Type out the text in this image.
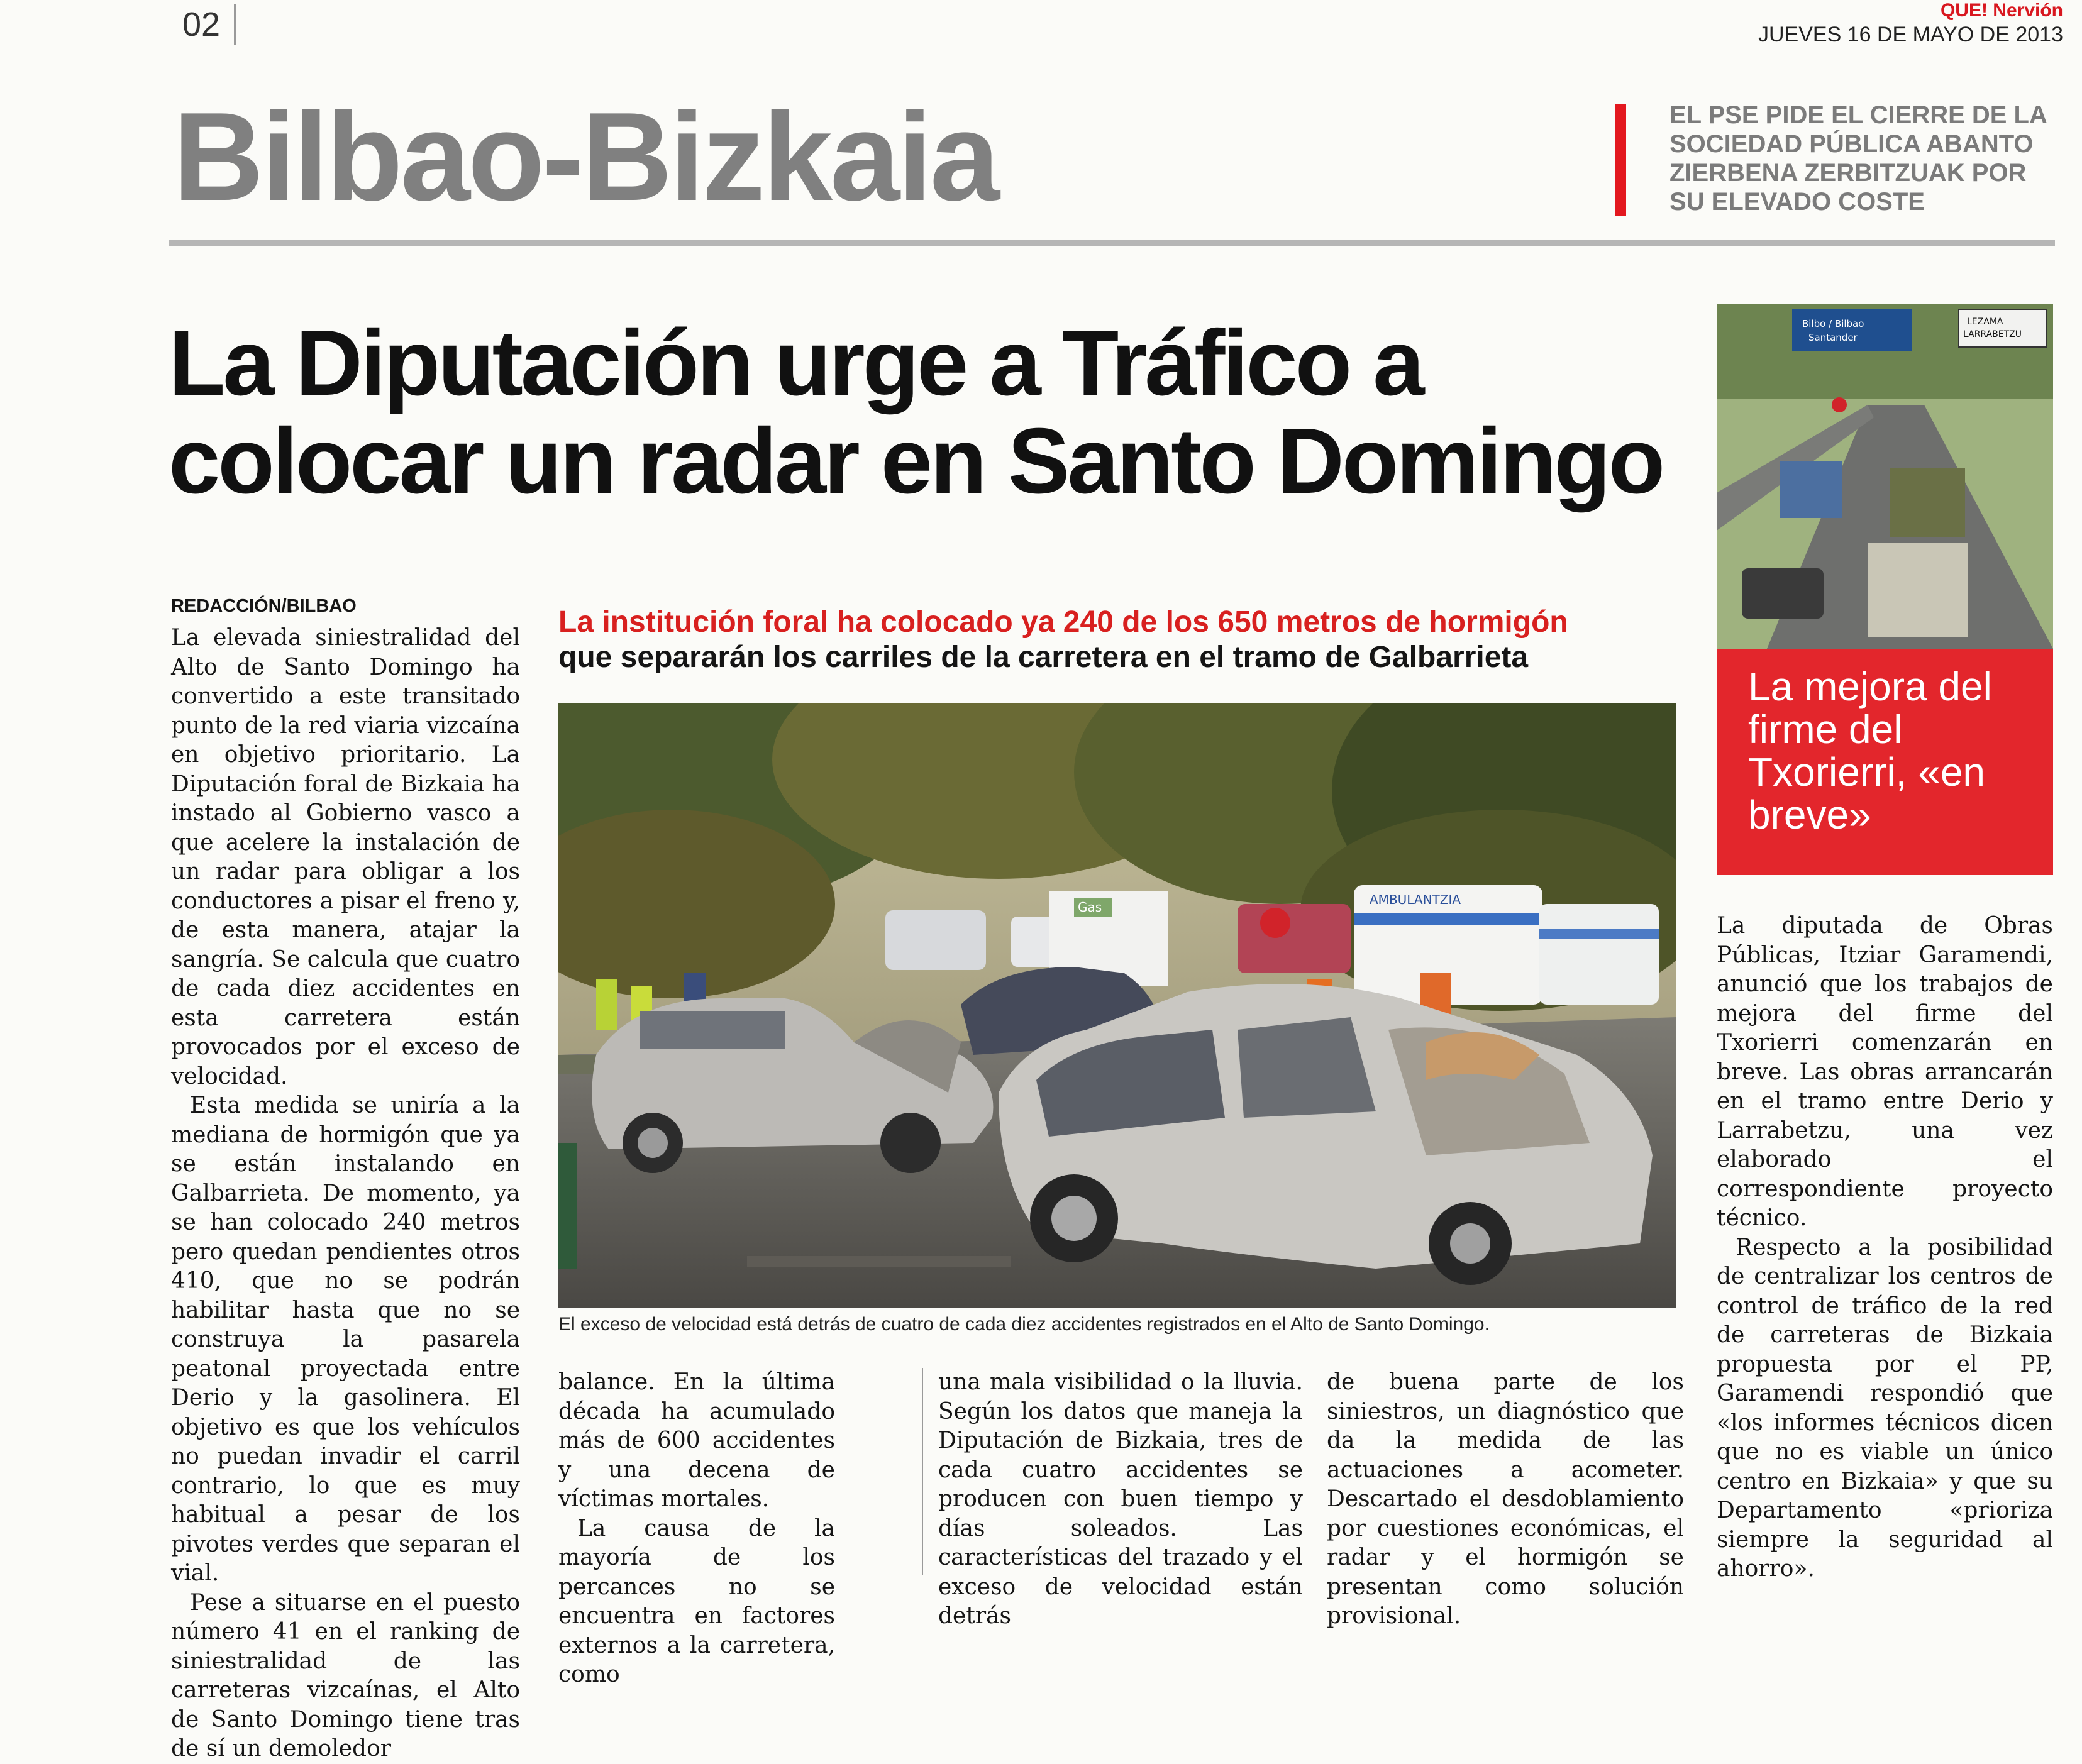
02	QUE! Nervión
JUEVES 16 DE MAYO DE 2013
Bilbao-Bizkaia	EL PSE PIDE EL CIERRE DE LA SOCIEDAD PÚBLICA ABANTO ZIERBENA ZERBITZUAK POR SU ELEVADO COSTE
La Diputación urge a Tráfico a colocar un radar en Santo Domingo
REDACCIÓN/BILBAO

La elevada siniestralidad del Alto de Santo Domingo ha convertido a este transitado punto de la red viaria vizcaína en objetivo prioritario. La Diputación foral de Bizkaia ha instado al Gobierno vasco a que acelere la instalación de un radar para obligar a los conductores a pisar el freno y, de esta manera, atajar la sangría. Se calcula que cuatro de cada diez accidentes en esta carretera están provocados por el exceso de velocidad.

Esta medida se uniría a la mediana de hormigón que ya se están instalando en Galbarrieta. De momento, ya se han colocado 240 metros pero quedan pendientes otros 410, que no se podrán habilitar hasta que no se construya la pasarela peatonal proyectada entre Derio y la gasolinera. El objetivo es que los vehículos no puedan invadir el carril contrario, lo que es muy habitual a pesar de los pivotes verdes que separan el vial.

Pese a situarse en el puesto número 41 en el ranking de siniestralidad de las carreteras vizcaínas, el Alto de Santo Domingo tiene tras de sí un demoledor

La institución foral ha colocado ya 240 de los 650 metros de hormigón
que separarán los carriles de la carretera en el tramo de Galbarrieta
Gas	AMBULANTZIA
El exceso de velocidad está detrás de cuatro de cada diez accidentes registrados en el Alto de Santo Domingo.

balance. En la última década ha acumulado más de 600 accidentes y una decena de víctimas mortales.

La causa de la mayoría de los percances no se encuentra en factores externos a la carretera, como

una mala visibilidad o la lluvia. Según los datos que maneja la Diputación de Bizkaia, tres de cada cuatro accidentes se producen con buen tiempo y días soleados. Las características del trazado y el exceso de velocidad están detrás

de buena parte de los siniestros, un diagnóstico que da la medida de las actuaciones a acometer. Descartado el desdoblamiento por cuestiones económicas, el radar y el hormigón se presentan como solución provisional.

Bilbo / Bilbao
Santander
LEZAMA
LARRABETZU
La mejora del firme del Txorierri, «en breve»

La diputada de Obras Públicas, Itziar Garamendi, anunció que los trabajos de mejora del firme del Txorierri comenzarán en breve. Las obras arrancarán en el tramo entre Derio y Larrabetzu, una vez elaborado el correspondiente proyecto técnico.

Respecto a la posibilidad de centralizar los centros de control de tráfico de la red de carreteras de Bizkaia propuesta por el PP, Garamendi respondió que «los informes técnicos dicen que no es viable un único centro en Bizkaia» y que su Departamento «prioriza siempre la seguridad al ahorro».
